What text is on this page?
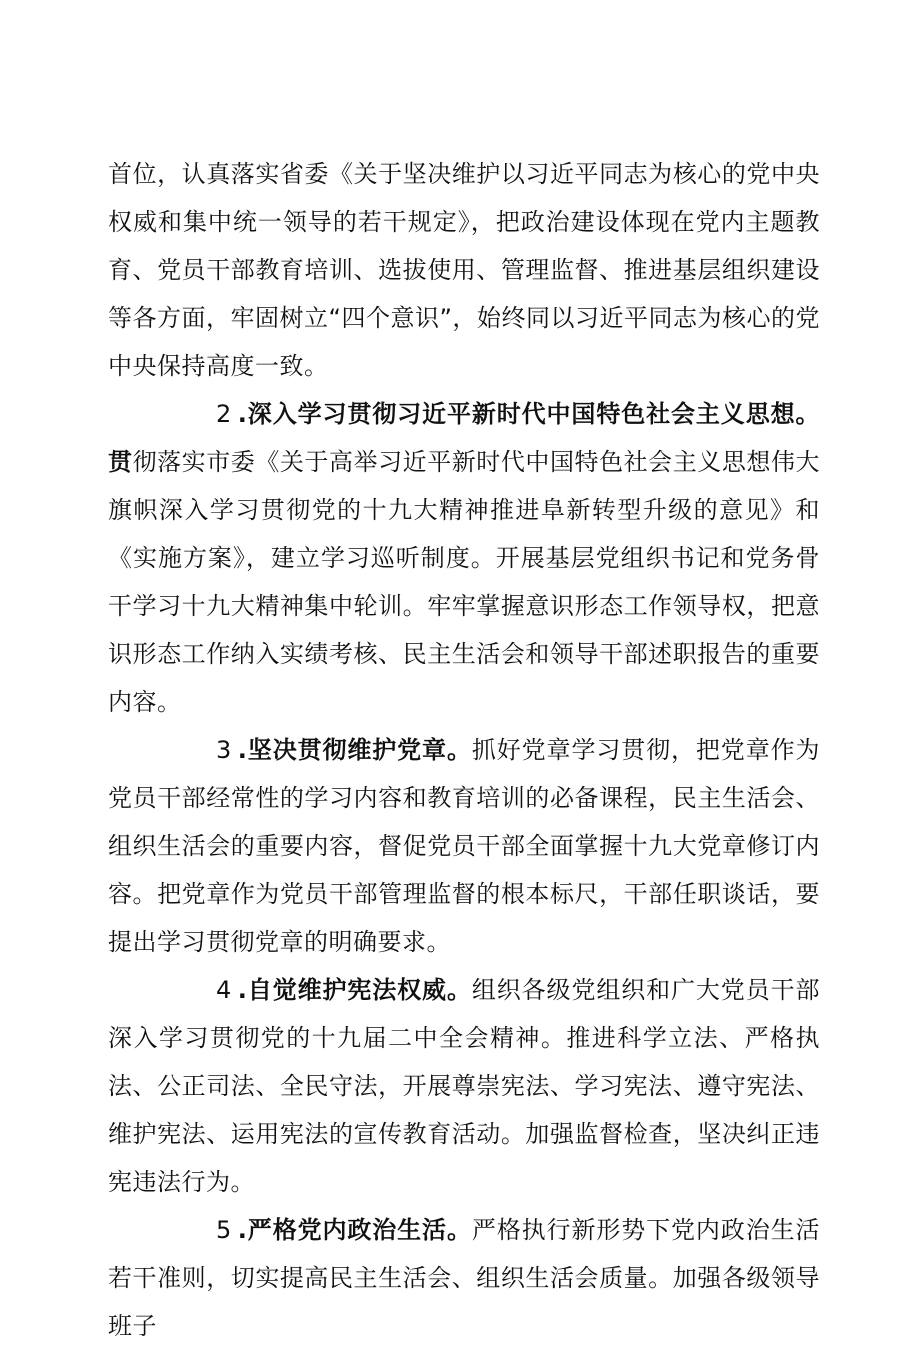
首位，认真落实省委《关于坚决维护以习近平同志为核心的党中央权威和集中统一领导的若干规定》，把政治建设体现在党内主题教育、党员干部教育培训、选拔使用、管理监督、推进基层组织建设等各方面，牢固树立“四个意识”，始终同以习近平同志为核心的党中央保持高度一致。

2 .深入学习贯彻习近平新时代中国特色社会主义思想。贯彻落实市委《关于高举习近平新时代中国特色社会主义思想伟大旗帜深入学习贯彻党的十九大精神推进阜新转型升级的意见》和《实施方案》，建立学习巡听制度。开展基层党组织书记和党务骨干学习十九大精神集中轮训。牢牢掌握意识形态工作领导权，把意识形态工作纳入实绩考核、民主生活会和领导干部述职报告的重要内容。

3 .坚决贯彻维护党章。抓好党章学习贯彻，把党章作为党员干部经常性的学习内容和教育培训的必备课程，民主生活会、组织生活会的重要内容，督促党员干部全面掌握十九大党章修订内容。把党章作为党员干部管理监督的根本标尺，干部任职谈话，要提出学习贯彻党章的明确要求。

4 .自觉维护宪法权威。组织各级党组织和广大党员干部深入学习贯彻党的十九届二中全会精神。推进科学立法、严格执法、公正司法、全民守法，开展尊崇宪法、学习宪法、遵守宪法、维护宪法、运用宪法的宣传教育活动。加强监督检查，坚决纠正违宪违法行为。

5 .严格党内政治生活。严格执行新形势下党内政治生活若干准则，切实提高民主生活会、组织生活会质量。加强各级领导班子
